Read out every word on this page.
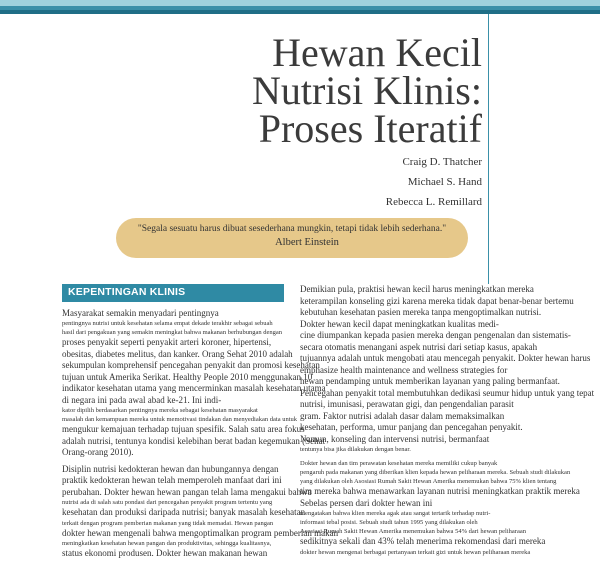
Hewan Kecil
Nutrisi Klinis:
Proses Iteratif
Craig D. Thatcher
Michael S. Hand
Rebecca L. Remillard
"Segala sesuatu harus dibuat sesederhana mungkin, tetapi tidak lebih sederhana."
Albert Einstein
KEPENTINGAN KLINIS
Masyarakat semakin menyadari pentingnya
pentingnya nutrisi untuk kesehatan selama empat dekade terakhir sebagai sebuah
hasil dari pengakuan yang semakin meningkat bahwa makanan berhubungan dengan
proses penyakit seperti penyakit arteri koroner, hipertensi,
obesitas, diabetes melitus, dan kanker. Orang Sehat 2010 adalah
sekumpulan komprehensif pencegahan penyakit dan promosi kesehatan
tujuan untuk Amerika Serikat. Healthy People 2010 menggunakan 10
indikator kesehatan utama yang mencerminkan masalah kesehatan utama
di negara ini pada awal abad ke-21. Ini indi-
kator dipilih berdasarkan pentingnya mereka sebagai kesehatan masyarakat
masalah dan kemampuan mereka untuk memotivasi tindakan dan menyediakan data untuk
mengukur kemajuan terhadap tujuan spesifik. Salah satu area fokus
adalah nutrisi, tentunya kondisi kelebihan berat badan kegemukan (Sehat
Orang-orang 2010).
Disiplin nutrisi kedokteran hewan dan hubungannya dengan
praktik kedokteran hewan telah memperoleh manfaat dari ini
perubahan. Dokter hewan hewan pangan telah lama mengakui bahwa
nutrisi ada di salah satu pondasi dari pencegahan penyakit program tertentu yang
kesehatan dan produksi daripada nutrisi; banyak masalah kesehatan
terkait dengan program pemberian makanan yang tidak memadai. Hewan pangan
dokter hewan mengenali bahwa mengoptimalkan program pemberian makan
meningkatkan kesehatan hewan pangan dan produktivitas, sehingga kualitasnya,
status ekonomi produsen. Dokter hewan makanan hewan
Demikian pula, praktisi hewan kecil harus meningkatkan mereka
keterampilan konseling gizi karena mereka tidak dapat benar-benar bertemu
kebutuhan kesehatan pasien mereka tanpa mengoptimalkan nutrisi.
Dokter hewan kecil dapat meningkatkan kualitas medi-
cine diumpankan kepada pasien mereka dengan pengenalan dan sistematis-
secara otomatis menangani aspek nutrisi dari setiap kasus, apakah
tujuannya adalah untuk mengobati atau mencegah penyakit. Dokter hewan harus
emphasize health maintenance and wellness strategies for
hewan pendamping untuk memberikan layanan yang paling bermanfaat.
Pencegahan penyakit total membutuhkan dedikasi seumur hidup untuk yang tepat
nutrisi, imunisasi, perawatan gigi, dan pengendalian parasit
gram. Faktor nutrisi adalah dasar dalam memaksimalkan
kesehatan, performa, umur panjang dan pencegahan penyakit.
Namun, konseling dan intervensi nutrisi, bermanfaat
tentunya bisa jika dilakukan dengan benar.
Dokter hewan dan tim perawatan kesehatan mereka memiliki cukup banyak
pengaruh pada makanan yang diberikan klien kepada hewan peliharaan mereka. Sebuah studi dilakukan
yang dilakukan oleh Asosiasi Rumah Sakit Hewan Amerika menemukan bahwa 75% klien tentang
tim mereka bahwa menawarkan layanan nutrisi meningkatkan praktik mereka
Sebelas persen dari dokter hewan ini
mengatakan bahwa klien mereka agak atau sangat tertarik terhadap nutri-
informasi tebal posisi. Sebuah studi tahun 1995 yang dilakukan oleh
Asosiasi Rumah Sakit Hewan Amerika menemukan bahwa 54% dari hewan peliharaan
sedikitnya sekali dan 43% telah menerima rekomendasi dari mereka
dokter hewan mengenai berbagai pertanyaan terkait gizi untuk hewan peliharaan mereka
